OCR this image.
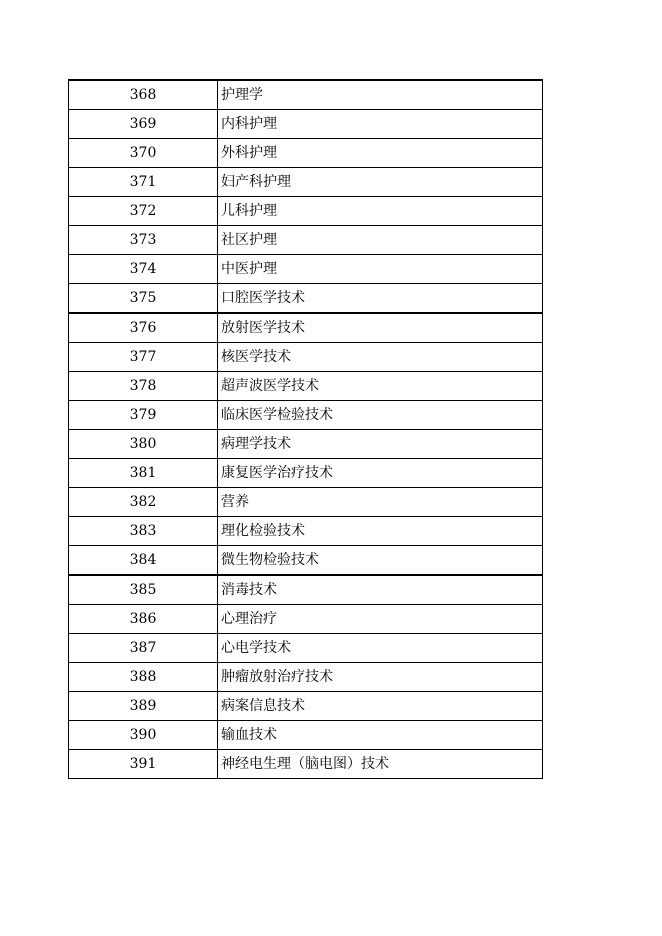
368	护理学
369	内科护理
370	外科护理
371	妇产科护理
372	儿科护理
373	社区护理
374	中医护理
375	口腔医学技术
376	放射医学技术
377	核医学技术
378	超声波医学技术
379	临床医学检验技术
380	病理学技术
381	康复医学治疗技术
382	营养
383	理化检验技术
384	微生物检验技术
385	消毒技术
386	心理治疗
387	心电学技术
388	肿瘤放射治疗技术
389	病案信息技术
390	输血技术
391	神经电生理（脑电图）技术
